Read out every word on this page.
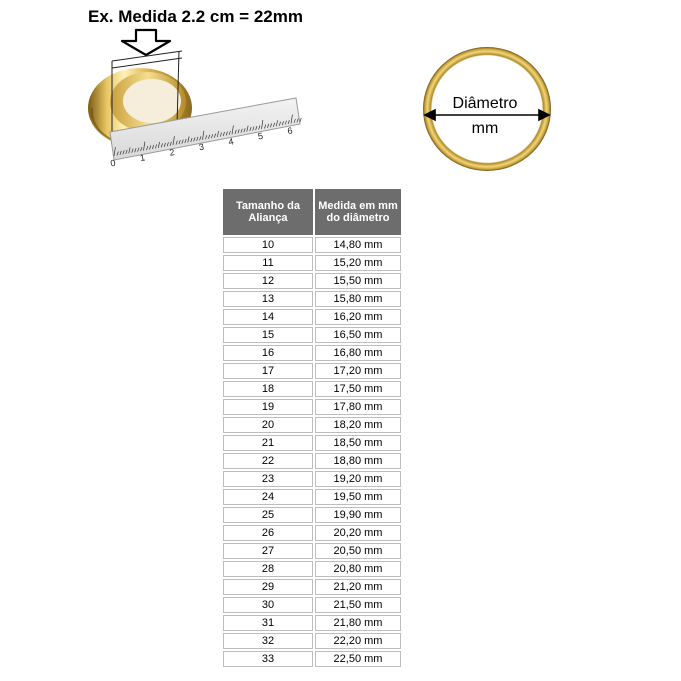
Ex. Medida 2.2 cm = 22mm
0
1
2
3
4
5
6
Diâmetro
mm
Tamanho da Aliança	Medida em mm do diâmetro
10	14,80 mm
11	15,20 mm
12	15,50 mm
13	15,80 mm
14	16,20 mm
15	16,50 mm
16	16,80 mm
17	17,20 mm
18	17,50 mm
19	17,80 mm
20	18,20 mm
21	18,50 mm
22	18,80 mm
23	19,20 mm
24	19,50 mm
25	19,90 mm
26	20,20 mm
27	20,50 mm
28	20,80 mm
29	21,20 mm
30	21,50 mm
31	21,80 mm
32	22,20 mm
33	22,50 mm
